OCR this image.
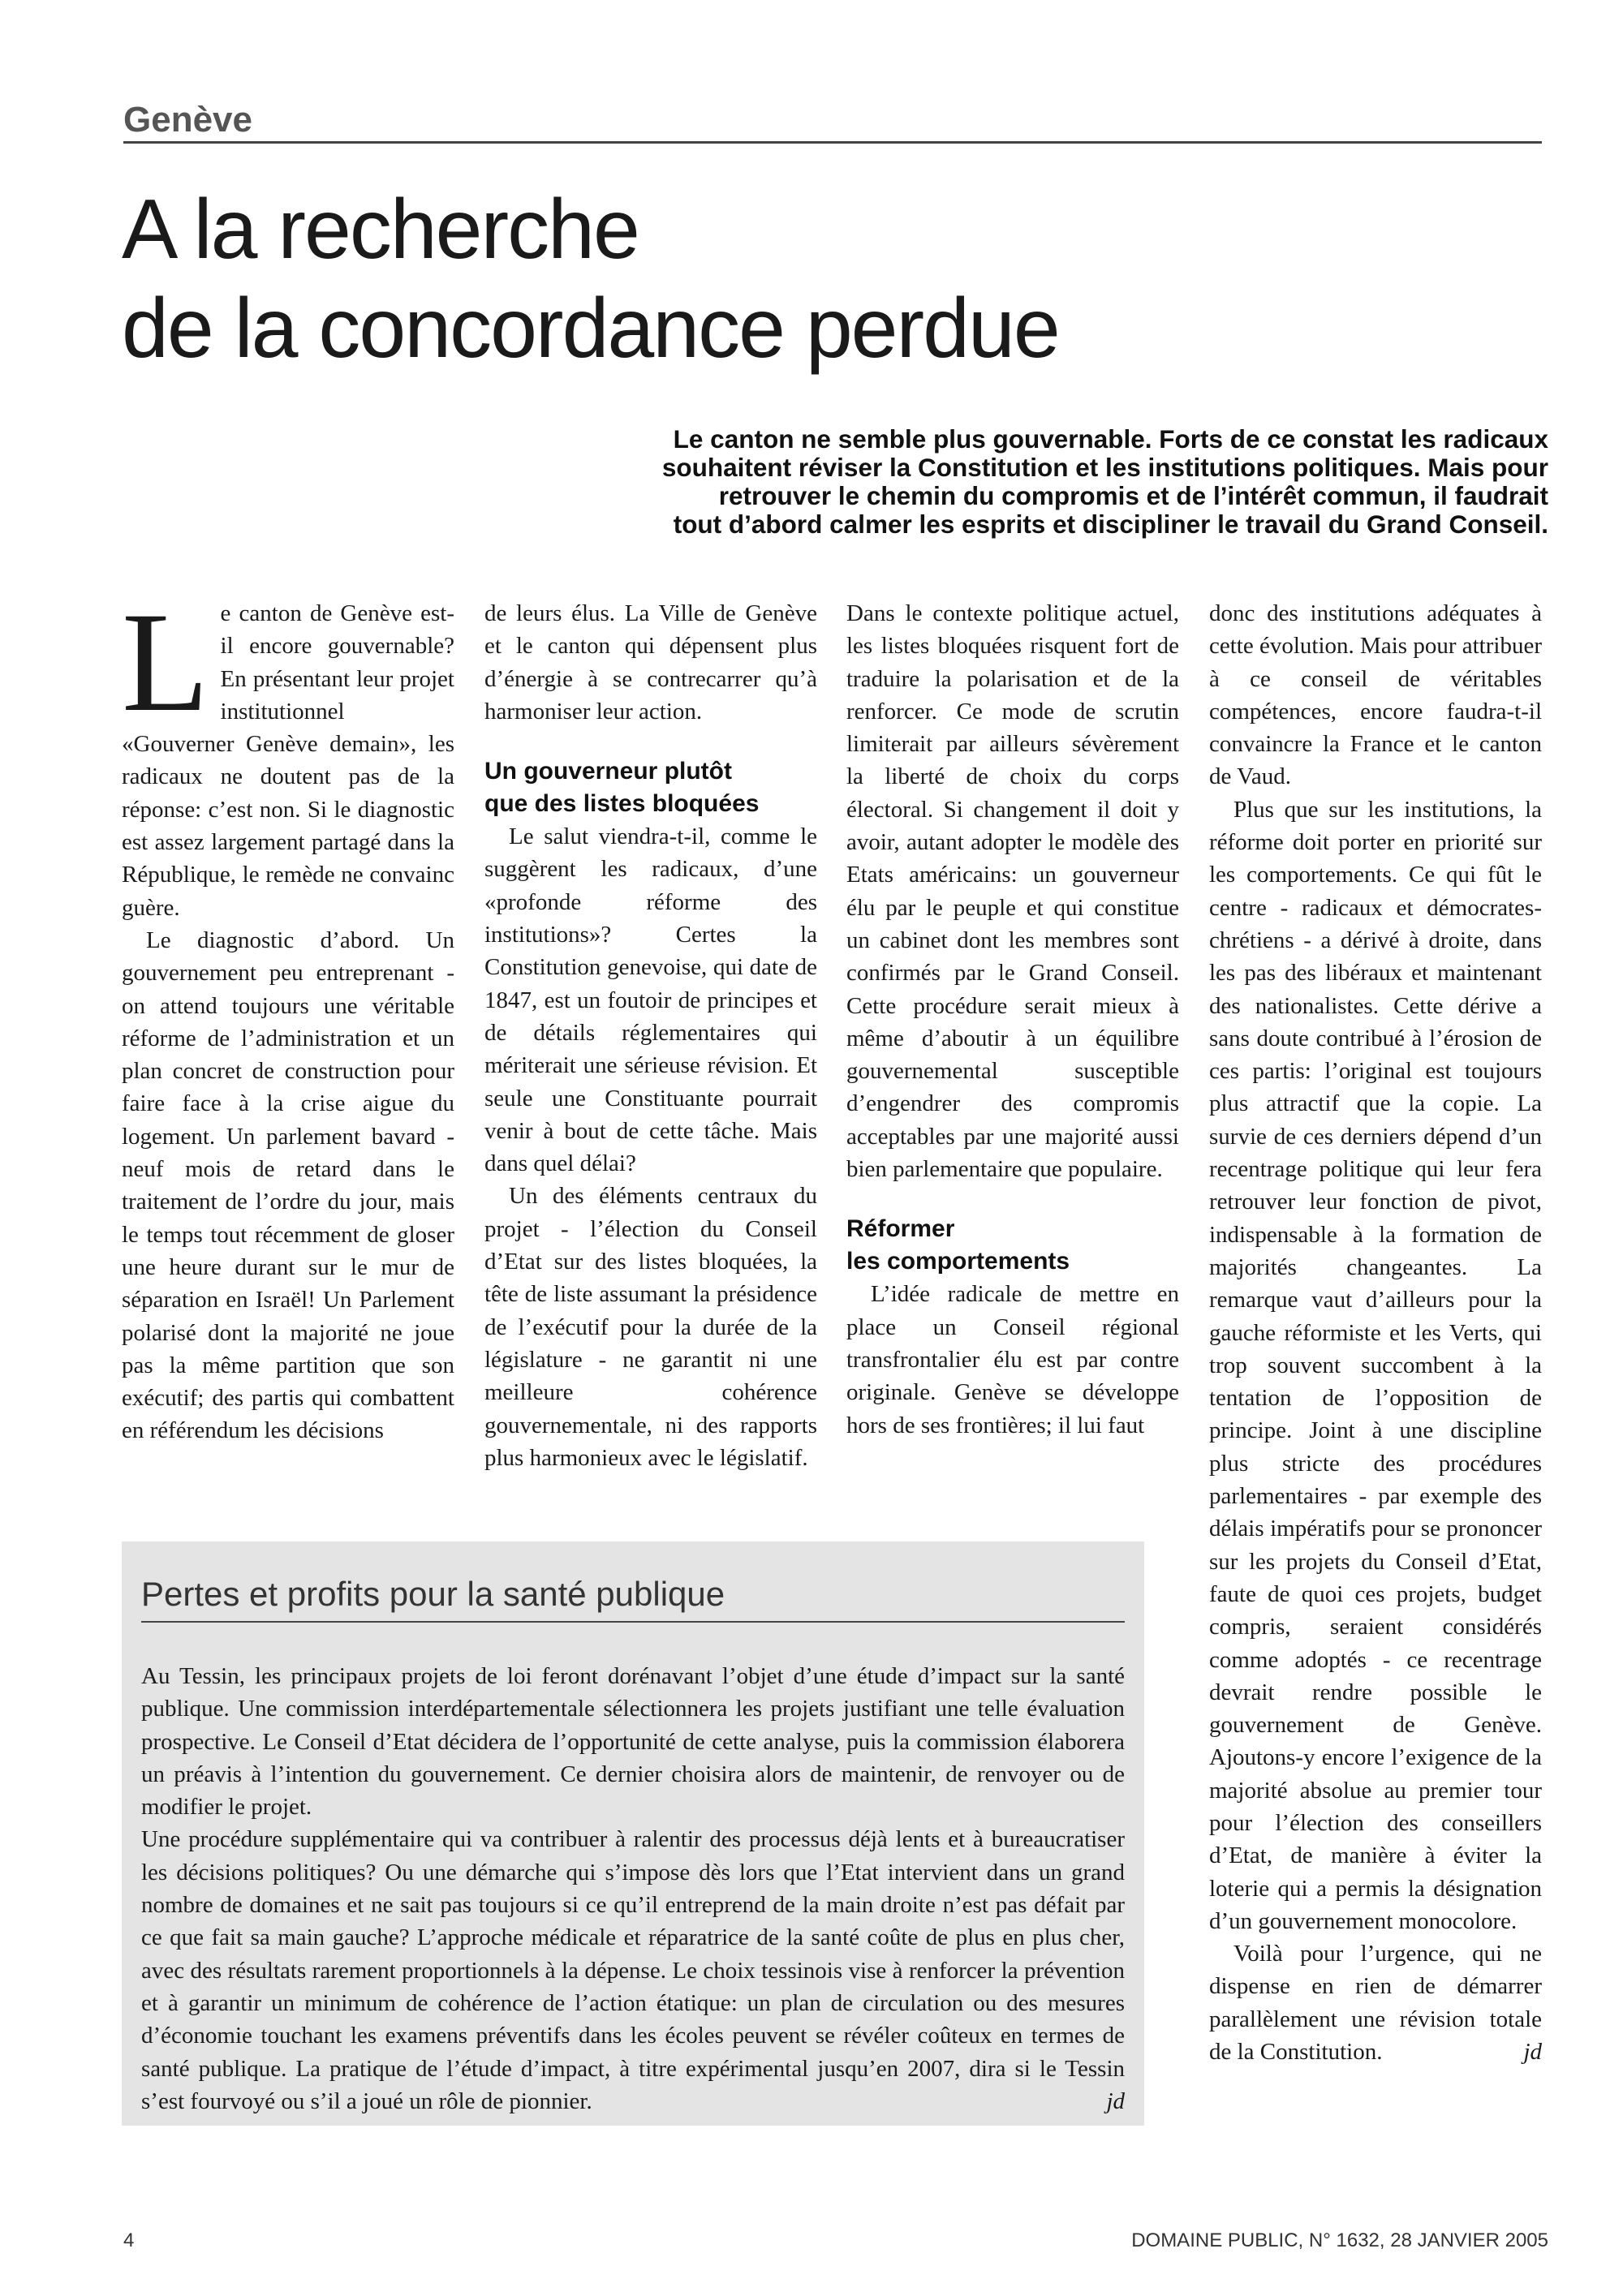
Genève
A la recherche
de la concordance perdue
Le canton ne semble plus gouvernable. Forts de ce constat les radicaux
souhaitent réviser la Constitution et les institutions politiques. Mais pour
retrouver le chemin du compromis et de l’intérêt commun, il faudrait
tout d’abord calmer les esprits et discipliner le travail du Grand Conseil.

Le canton de Genève est-il encore gouvernable? En présentant leur projet institutionnel «Gouverner Genève demain», les radicaux ne doutent pas de la réponse: c’est non. Si le diagnostic est assez largement partagé dans la République, le remède ne convainc guère.

Le diagnostic d’abord. Un gouvernement peu entreprenant - on attend toujours une véritable réforme de l’administration et un plan concret de construction pour faire face à la crise aigue du logement. Un parlement bavard - neuf mois de retard dans le traitement de l’ordre du jour, mais le temps tout récemment de gloser une heure durant sur le mur de séparation en Israël! Un Parlement polarisé dont la majorité ne joue pas la même partition que son exécutif; des partis qui combattent en référendum les décisions

de leurs élus. La Ville de Genève et le canton qui dépensent plus d’énergie à se contrecarrer qu’à harmoniser leur action.

Un gouverneur plutôt
que des listes bloquées

Le salut viendra-t-il, comme le suggèrent les radicaux, d’une «profonde réforme des institutions»? Certes la Constitution genevoise, qui date de 1847, est un foutoir de principes et de détails réglementaires qui mériterait une sérieuse révision. Et seule une Constituante pourrait venir à bout de cette tâche. Mais dans quel délai?

Un des éléments centraux du projet - l’élection du Conseil d’Etat sur des listes bloquées, la tête de liste assumant la présidence de l’exécutif pour la durée de la législature - ne garantit ni une meilleure cohérence gouvernementale, ni des rapports plus harmonieux avec le législatif.

Dans le contexte politique actuel, les listes bloquées risquent fort de traduire la polarisation et de la renforcer. Ce mode de scrutin limiterait par ailleurs sévèrement la liberté de choix du corps électoral. Si changement il doit y avoir, autant adopter le modèle des Etats américains: un gouverneur élu par le peuple et qui constitue un cabinet dont les membres sont confirmés par le Grand Conseil. Cette procédure serait mieux à même d’aboutir à un équilibre gouvernemental susceptible d’engendrer des compromis acceptables par une majorité aussi bien parlementaire que populaire.

Réformer
les comportements

L’idée radicale de mettre en place un Conseil régional transfrontalier élu est par contre originale. Genève se développe hors de ses frontières; il lui faut

donc des institutions adéquates à cette évolution. Mais pour attribuer à ce conseil de véritables compétences, encore faudra-t-il convaincre la France et le canton de Vaud.

Plus que sur les institutions, la réforme doit porter en priorité sur les comportements. Ce qui fût le centre - radicaux et démocrates-chrétiens - a dérivé à droite, dans les pas des libéraux et maintenant des nationalistes. Cette dérive a sans doute contribué à l’érosion de ces partis: l’original est toujours plus attractif que la copie. La survie de ces derniers dépend d’un recentrage politique qui leur fera retrouver leur fonction de pivot, indispensable à la formation de majorités changeantes. La remarque vaut d’ailleurs pour la gauche réformiste et les Verts, qui trop souvent succombent à la tentation de l’opposition de principe. Joint à une discipline plus stricte des procédures parlementaires - par exemple des délais impératifs pour se prononcer sur les projets du Conseil d’Etat, faute de quoi ces projets, budget compris, seraient considérés comme adoptés - ce recentrage devrait rendre possible le gouvernement de Genève. Ajoutons-y encore l’exigence de la majorité absolue au premier tour pour l’élection des conseillers d’Etat, de manière à éviter la loterie qui a permis la désignation d’un gouvernement monocolore.

Voilà pour l’urgence, qui ne dispense en rien de démarrer parallèlement une révision totale de la Constitution.	jd

Pertes et profits pour la santé publique

Au Tessin, les principaux projets de loi feront dorénavant l’objet d’une étude d’impact sur la santé publique. Une commission interdépartementale sélectionnera les projets justifiant une telle évaluation prospective. Le Conseil d’Etat décidera de l’opportunité de cette analyse, puis la commission élaborera un préavis à l’intention du gouvernement. Ce dernier choisira alors de maintenir, de renvoyer ou de modifier le projet.

Une procédure supplémentaire qui va contribuer à ralentir des processus déjà lents et à bureaucratiser les décisions politiques? Ou une démarche qui s’impose dès lors que l’Etat intervient dans un grand nombre de domaines et ne sait pas toujours si ce qu’il entreprend de la main droite n’est pas défait par ce que fait sa main gauche? L’approche médicale et réparatrice de la santé coûte de plus en plus cher, avec des résultats rarement proportionnels à la dépense. Le choix tessinois vise à renforcer la prévention et à garantir un minimum de cohérence de l’action étatique: un plan de circulation ou des mesures d’économie touchant les examens préventifs dans les écoles peuvent se révéler coûteux en termes de santé publique. La pratique de l’étude d’impact, à titre expérimental jusqu’en 2007, dira si le Tessin s’est fourvoyé ou s’il a joué un rôle de pionnier.	jd

4	DOMAINE PUBLIC, N° 1632, 28 JANVIER 2005
